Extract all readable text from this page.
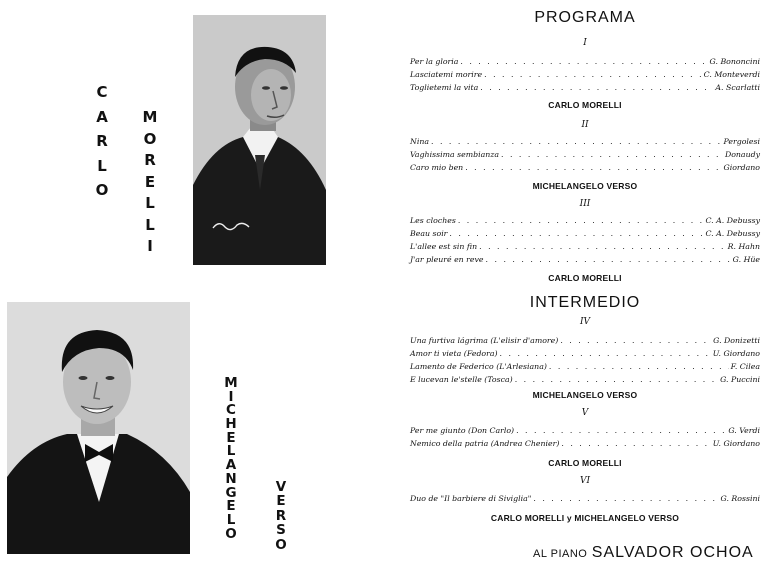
C
A
R
L
O
M
O
R
E
L
L
I
M
I
C
H
E
L
A
N
G
E
L
O
V
E
R
S
O
PROGRAMA
I
Per la gloria . . .	G. Bononcini
Lasciatemi morire . . .	C. Monteverdi
Toglietemi la vita . . .	A. Scarlatti
CARLO MORELLI
II
Nina . . .	Pergolesi
Vaghissima sembianza . . .	Donaudy
Caro mio ben . . .	Giordano
MICHELANGELO VERSO
III
Les cloches . . .	C. A. Debussy
Beau soir . . .	C. A. Debussy
L'allee est sin fin . . .	R. Hahn
J'ar pleuré en reve . . .	G. Hüe
CARLO MORELLI
IV
Una furtiva lágrima (L'elisir d'amore) . . .	G. Donizetti
Amor ti vieta (Fedora) . . .	U. Giordano
Lamento de Federico (L'Arlesiana) . . .	F. Cilea
E lucevan le'stelle (Tosca) . . .	G. Puccini
MICHELANGELO VERSO
V
Per me giunto (Don Carlo) . . .	G. Verdi
Nemico della patria (Andrea Chenier) . . .	U. Giordano
CARLO MORELLI
VI
Duo de "Il barbiere di Siviglia" . . .	G. Rossini
CARLO MORELLI y MICHELANGELO VERSO
INTERMEDIO
AL PIANO SALVADOR OCHOA
